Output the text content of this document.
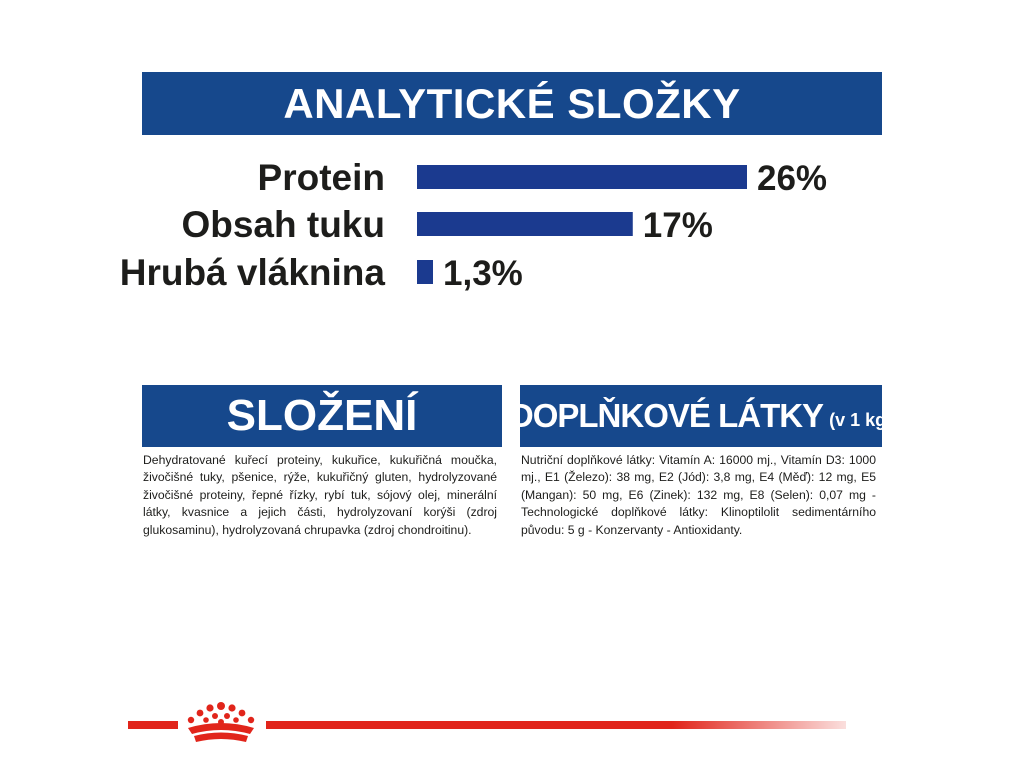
ANALYTICKÉ SLOŽKY
Protein	26%
Obsah tuku	17%
Hrubá vláknina 1,3%
SLOŽENÍ
Dehydratované kuřecí proteiny, kukuřice, kukuřičná moučka, živočišné tuky, pšenice, rýže, kukuřičný gluten, hydrolyzované živočišné proteiny, řepné řízky, rybí tuk, sójový olej, minerální látky, kvasnice a jejich části, hydrolyzovaní korýši (zdroj glukosaminu), hydrolyzovaná chrupavka (zdroj chondroitinu).
DOPLŇKOVÉ LÁTKY (v 1 kg)
Nutriční doplňkové látky: Vitamín A: 16000 mj., Vitamín D3: 1000 mj., E1 (Železo): 38 mg, E2 (Jód): 3,8 mg, E4 (Měď): 12 mg, E5 (Mangan): 50 mg, E6 (Zinek): 132 mg, E8 (Selen): 0,07 mg - Technologické doplňkové látky: Klinoptilolit sedimentárního původu: 5 g - Konzervanty - Antioxidanty.
